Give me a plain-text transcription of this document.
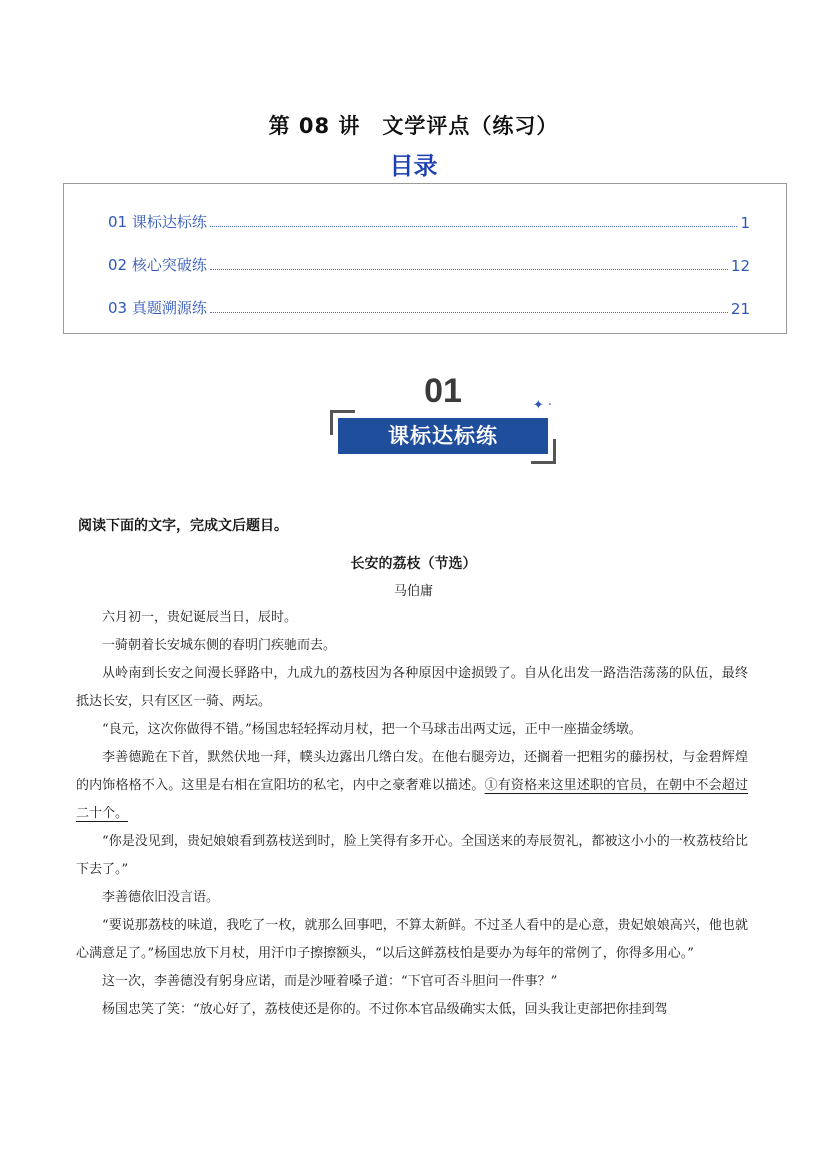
第 08 讲　文学评点（练习）
目录
01 课标达标练	1
02 核心突破练	12
03 真题溯源练	21
01	✦ ·
课标达标练
阅读下面的文字，完成文后题目。
长安的荔枝（节选）
马伯庸

六月初一，贵妃诞辰当日，辰时。

一骑朝着长安城东侧的春明门疾驰而去。

从岭南到长安之间漫长驿路中，九成九的荔枝因为各种原因中途损毁了。自从化出发一路浩浩荡荡的队伍，最终抵达长安，只有区区一骑、两坛。

“良元，这次你做得不错。”杨国忠轻轻挥动月杖，把一个马球击出两丈远，正中一座描金绣墩。

李善德跪在下首，默然伏地一拜，幞头边露出几绺白发。在他右腿旁边，还搁着一把粗劣的藤拐杖，与金碧辉煌的内饰格格不入。这里是右相在宣阳坊的私宅，内中之豪奢难以描述。①有资格来这里述职的官员，在朝中不会超过二十个。

“你是没见到，贵妃娘娘看到荔枝送到时，脸上笑得有多开心。全国送来的寿辰贺礼，都被这小小的一枚荔枝给比下去了。”

李善德依旧没言语。

“要说那荔枝的味道，我吃了一枚，就那么回事吧，不算太新鲜。不过圣人看中的是心意，贵妃娘娘高兴，他也就心满意足了。”杨国忠放下月杖，用汗巾子擦擦额头，“以后这鲜荔枝怕是要办为每年的常例了，你得多用心。”

这一次，李善德没有躬身应诺，而是沙哑着嗓子道：“下官可否斗胆问一件事？”

杨国忠笑了笑：“放心好了，荔枝使还是你的。不过你本官品级确实太低，回头我让吏部把你挂到驾
